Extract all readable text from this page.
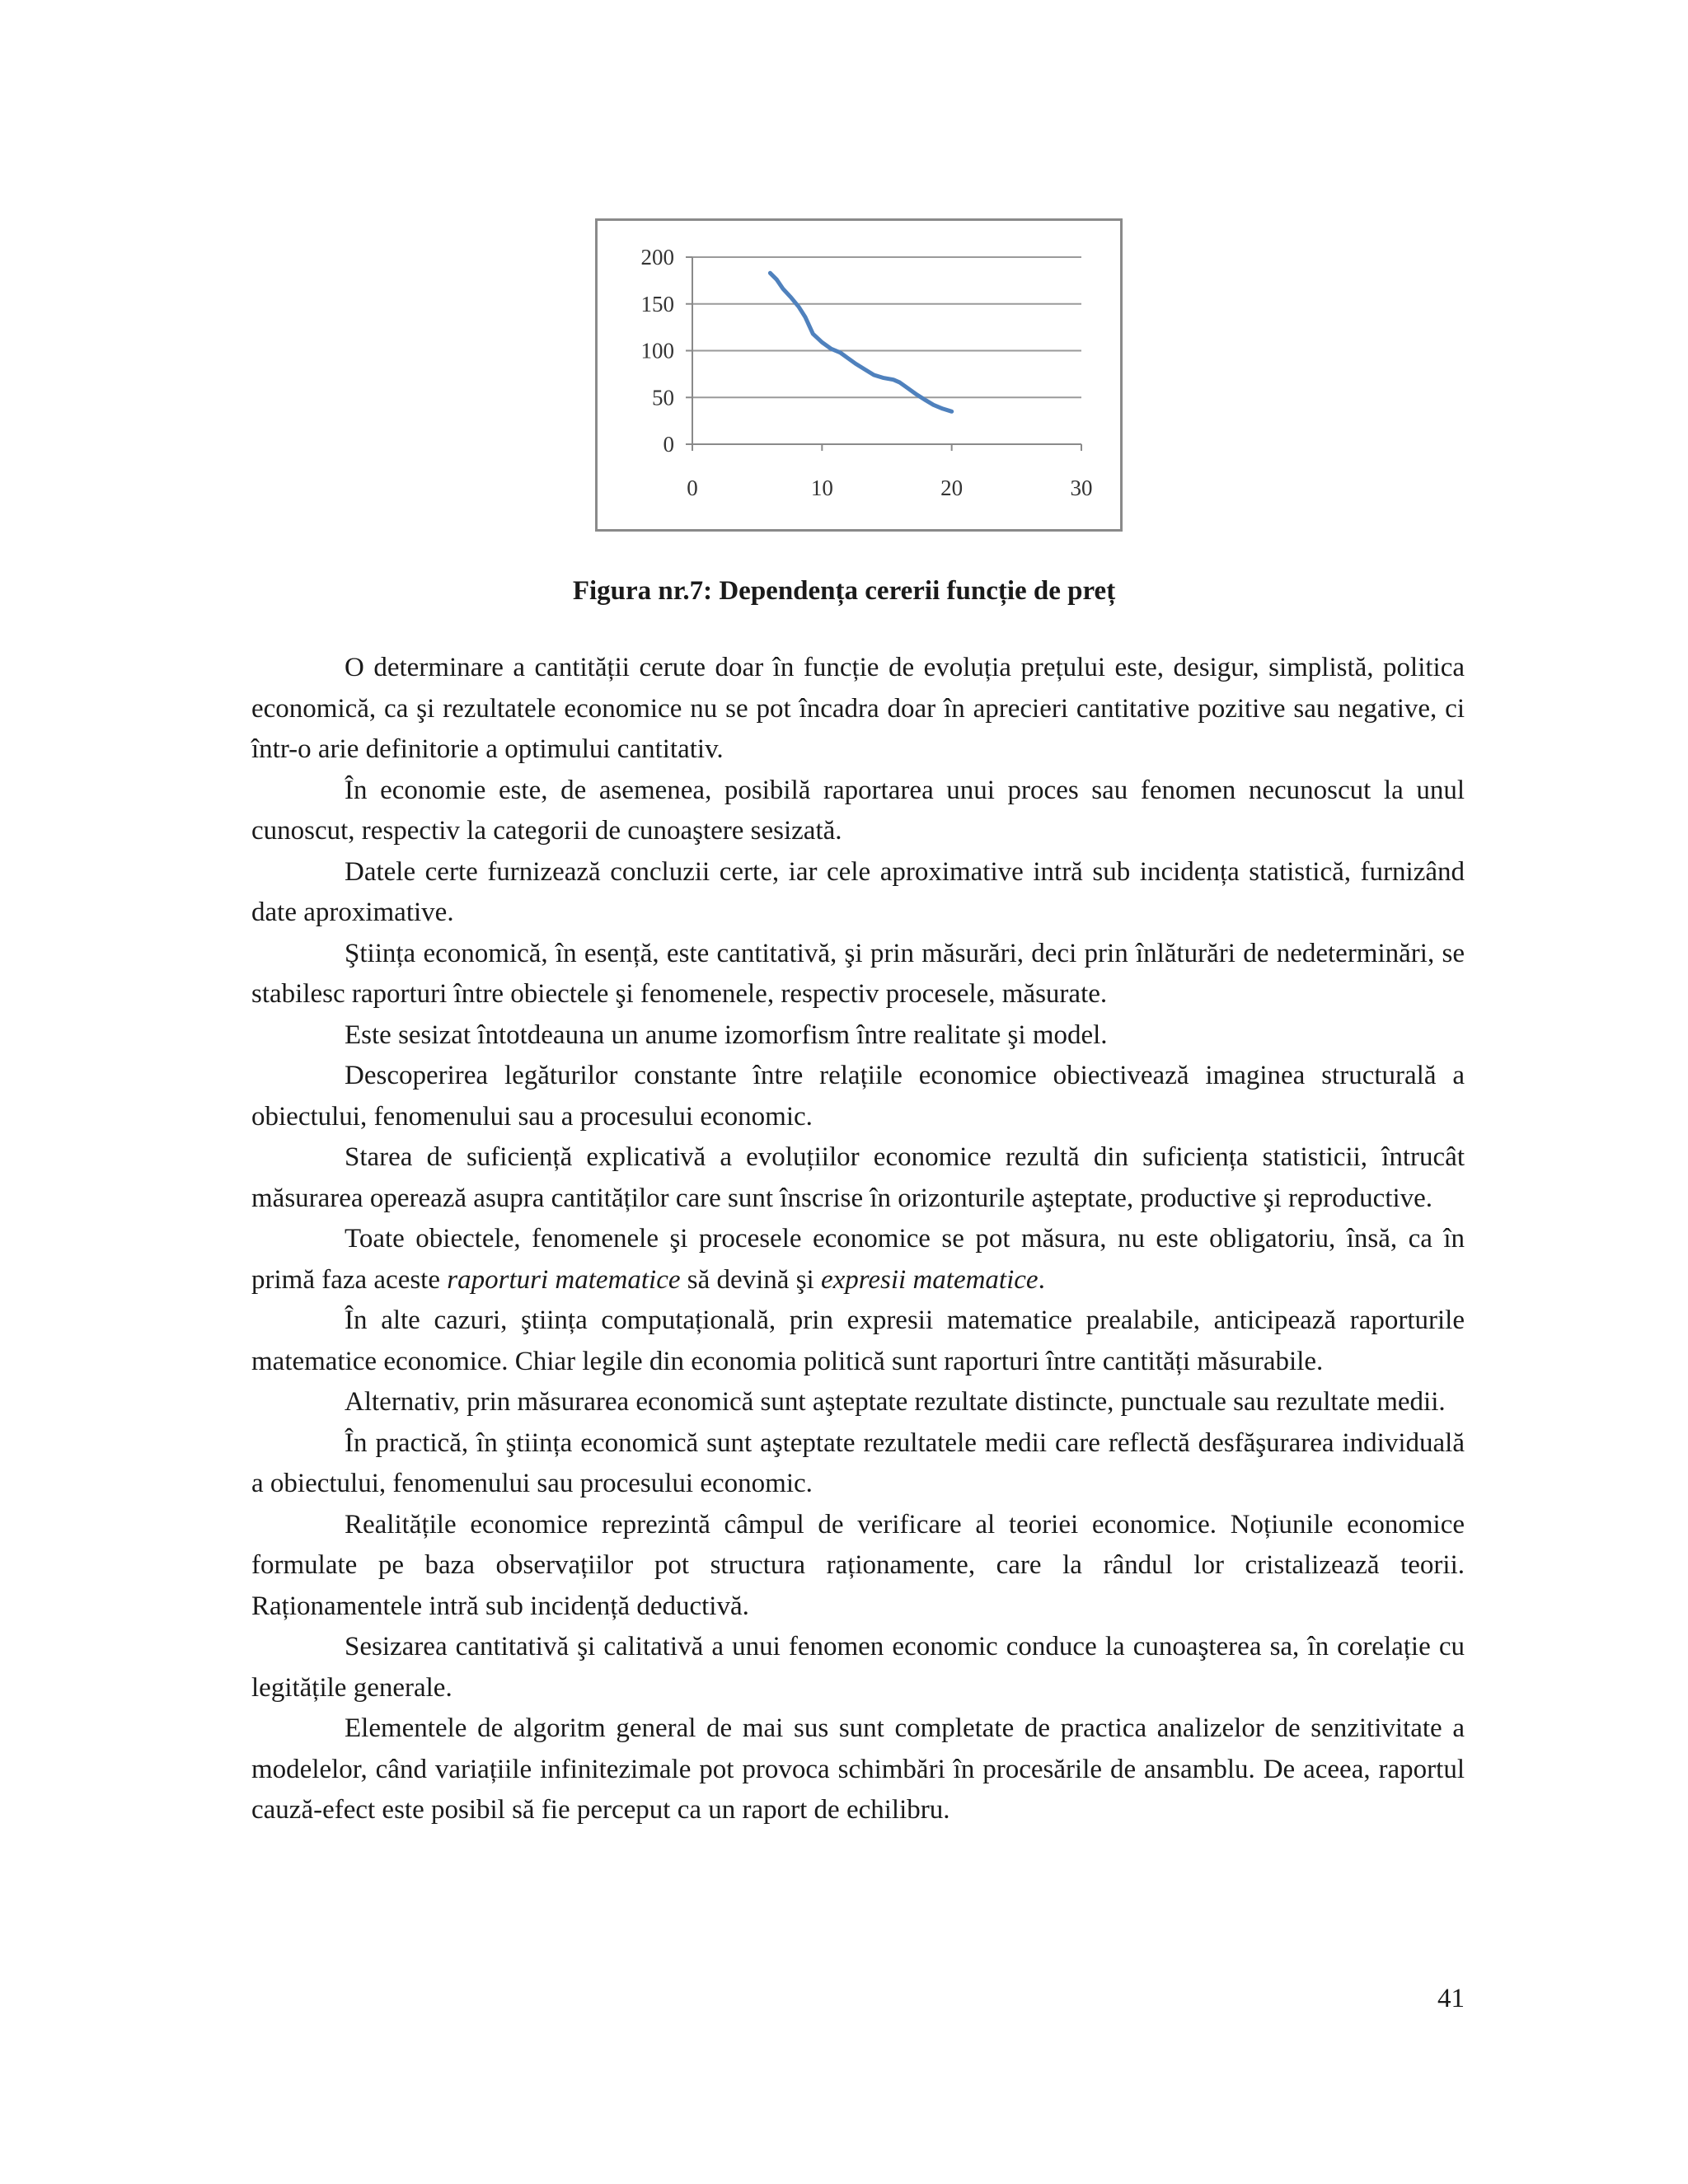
0
50
100
150
200
0	10	20	30

Figura nr.7: Dependența cererii funcție de preț

O determinare a cantității cerute doar în funcție de evoluția prețului este, desigur, simplistă, politica economică, ca şi rezultatele economice nu se pot încadra doar în aprecieri cantitative pozitive sau negative, ci într-o arie definitorie a optimului cantitativ.

În economie este, de asemenea, posibilă raportarea unui proces sau fenomen necunoscut la unul cunoscut, respectiv la categorii de cunoaştere sesizată.

Datele certe furnizează concluzii certe, iar cele aproximative intră sub incidența statistică, furnizând date aproximative.

Ştiința economică, în esență, este cantitativă, şi prin măsurări, deci prin înlăturări de nedeterminări, se stabilesc raporturi între obiectele şi fenomenele, respectiv procesele, măsurate.

Este sesizat întotdeauna un anume izomorfism între realitate şi model.

Descoperirea legăturilor constante între relațiile economice obiectivează imaginea structurală a obiectului, fenomenului sau a procesului economic.

Starea de suficiență explicativă a evoluțiilor economice rezultă din suficiența statisticii, întrucât măsurarea operează asupra cantităților care sunt înscrise în orizonturile aşteptate, productive şi reproductive.

Toate obiectele, fenomenele şi procesele economice se pot măsura, nu este obligatoriu, însă, ca în primă faza aceste raporturi matematice să devină şi expresii matematice.

În alte cazuri, ştiința computațională, prin expresii matematice prealabile, anticipează raporturile matematice economice. Chiar legile din economia politică sunt raporturi între cantități măsurabile.

Alternativ, prin măsurarea economică sunt aşteptate rezultate distincte, punctuale sau rezultate medii.

În practică, în ştiința economică sunt aşteptate rezultatele medii care reflectă desfăşurarea individuală a obiectului, fenomenului sau procesului economic.

Realitățile economice reprezintă câmpul de verificare al teoriei economice. Noțiunile economice formulate pe baza observațiilor pot structura raționamente, care la rândul lor cristalizează teorii. Raționamentele intră sub incidență deductivă.

Sesizarea cantitativă şi calitativă a unui fenomen economic conduce la cunoaşterea sa, în corelație cu legitățile generale.

Elementele de algoritm general de mai sus sunt completate de practica analizelor de senzitivitate a modelelor, când variațiile infinitezimale pot provoca schimbări în procesările de ansamblu. De aceea, raportul cauză-efect este posibil să fie perceput ca un raport de echilibru.

41
